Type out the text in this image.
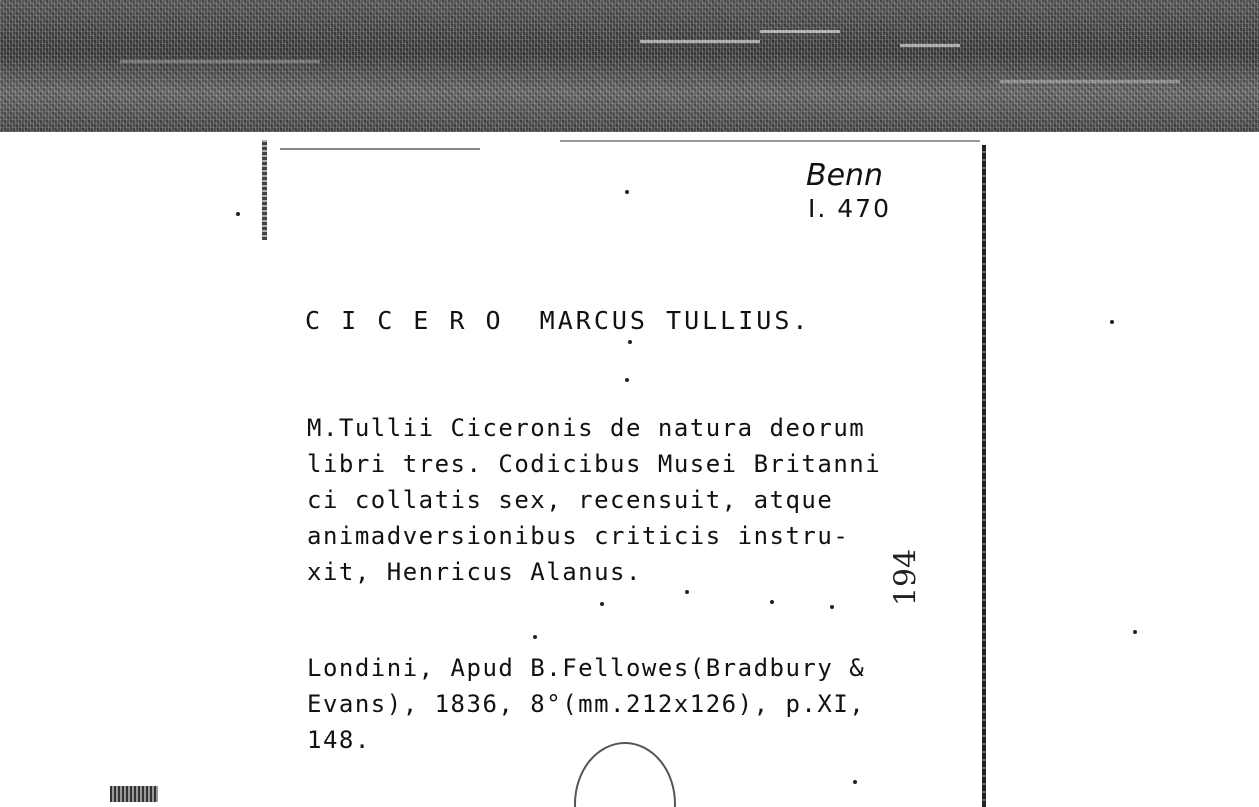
Benn
I. 470
C I C E R O  MARCUS TULLIUS.
M.Tullii Ciceronis de natura deorum
libri tres. Codicibus Musei Britanni
ci collatis sex, recensuit, atque
animadversionibus criticis instru-
xit, Henricus Alanus.	194
Londini, Apud B.Fellowes(Bradbury &
Evans), 1836, 8°(mm.212x126), p.XI,
148.
